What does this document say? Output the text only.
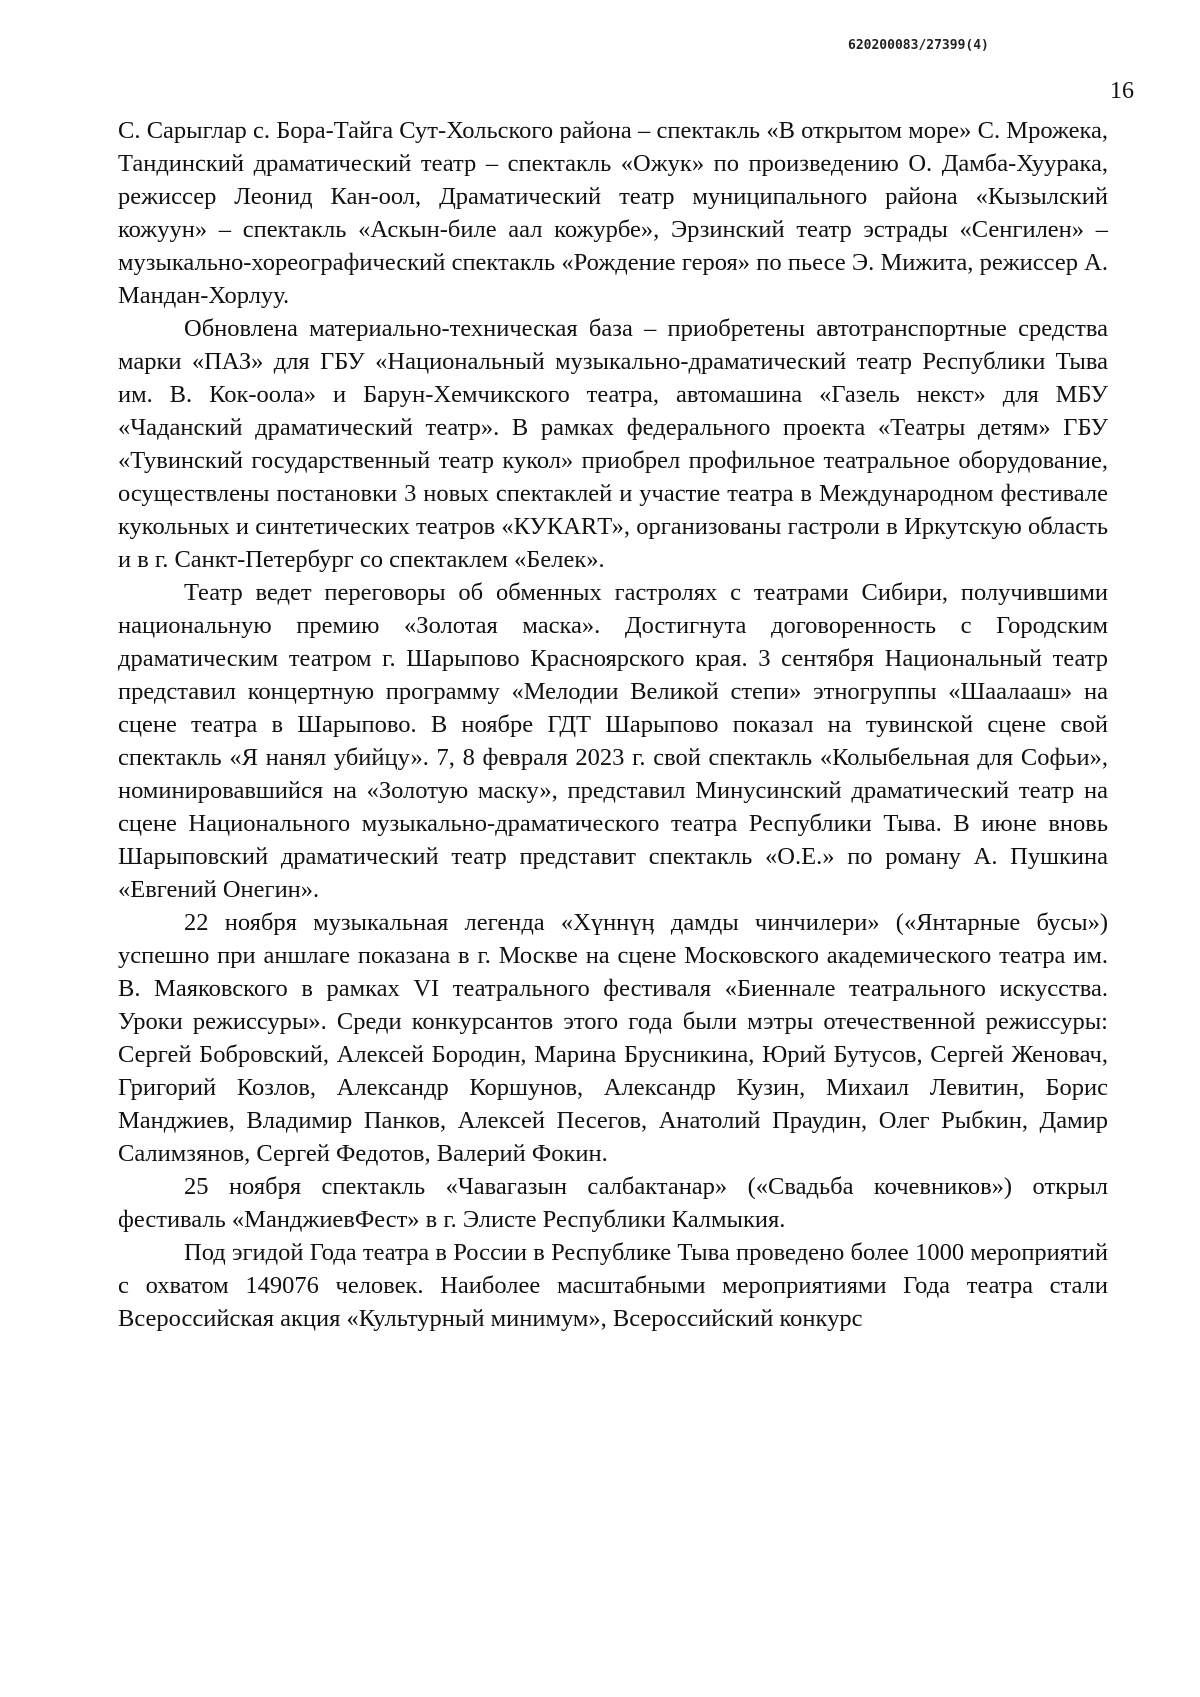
620200083/27399(4)
16

С. Сарыглар с. Бора-Тайга Сут-Хольского района – спектакль «В открытом море» С. Мрожека, Тандинский драматический театр – спектакль «Ожук» по произведению О. Дамба-Хуурака, режиссер Леонид Кан-оол, Драматический театр муниципального района «Кызылский кожуун» – спектакль «Аскын-биле аал кожурбе», Эрзинский театр эстрады «Сенгилен» – музыкально-хореографический спектакль «Рождение героя» по пьесе Э. Мижита, режиссер А. Мандан-Хорлуу.

Обновлена материально-техническая база – приобретены автотранспортные средства марки «ПАЗ» для ГБУ «Национальный музыкально-драматический театр Республики Тыва им. В. Кок-оола» и Барун-Хемчикского театра, автомашина «Газель некст» для МБУ «Чаданский драматический театр». В рамках федерального проекта «Театры детям» ГБУ «Тувинский государственный театр кукол» приобрел профильное театральное оборудование, осуществлены постановки 3 новых спектаклей и участие театра в Международном фестивале кукольных и синтетических театров «КУКАRТ», организованы гастроли в Иркутскую область и в г. Санкт-Петербург со спектаклем «Белек».

Театр ведет переговоры об обменных гастролях с театрами Сибири, получившими национальную премию «Золотая маска». Достигнута договоренность с Городским драматическим театром г. Шарыпово Красноярского края. 3 сентября Национальный театр представил концертную программу «Мелодии Великой степи» этногруппы «Шаалааш» на сцене театра в Шарыпово. В ноябре ГДТ Шарыпово показал на тувинской сцене свой спектакль «Я нанял убийцу». 7, 8 февраля 2023 г. свой спектакль «Колыбельная для Софьи», номинировавшийся на «Золотую маску», представил Минусинский драматический театр на сцене Национального музыкально-драматического театра Республики Тыва. В июне вновь Шарыповский драматический театр представит спектакль «О.Е.» по роману А. Пушкина «Евгений Онегин».

22 ноября музыкальная легенда «Хүннүӊ дамды чинчилери» («Янтарные бусы») успешно при аншлаге показана в г. Москве на сцене Московского академического театра им. В. Маяковского в рамках VI театрального фестиваля «Биеннале театрального искусства. Уроки режиссуры». Среди конкурсантов этого года были мэтры отечественной режиссуры: Сергей Бобровский, Алексей Бородин, Марина Брусникина, Юрий Бутусов, Сергей Женовач, Григорий Козлов, Александр Коршунов, Александр Кузин, Михаил Левитин, Борис Манджиев, Владимир Панков, Алексей Песегов, Анатолий Праудин, Олег Рыбкин, Дамир Салимзянов, Сергей Федотов, Валерий Фокин.

25 ноября спектакль «Чавагазын салбактанар» («Свадьба кочевников») открыл фестиваль «МанджиевФест» в г. Элисте Республики Калмыкия.

Под эгидой Года театра в России в Республике Тыва проведено более 1000 мероприятий с охватом 149076 человек. Наиболее масштабными мероприятиями Года театра стали Всероссийская акция «Культурный минимум», Всероссийский конкурс
